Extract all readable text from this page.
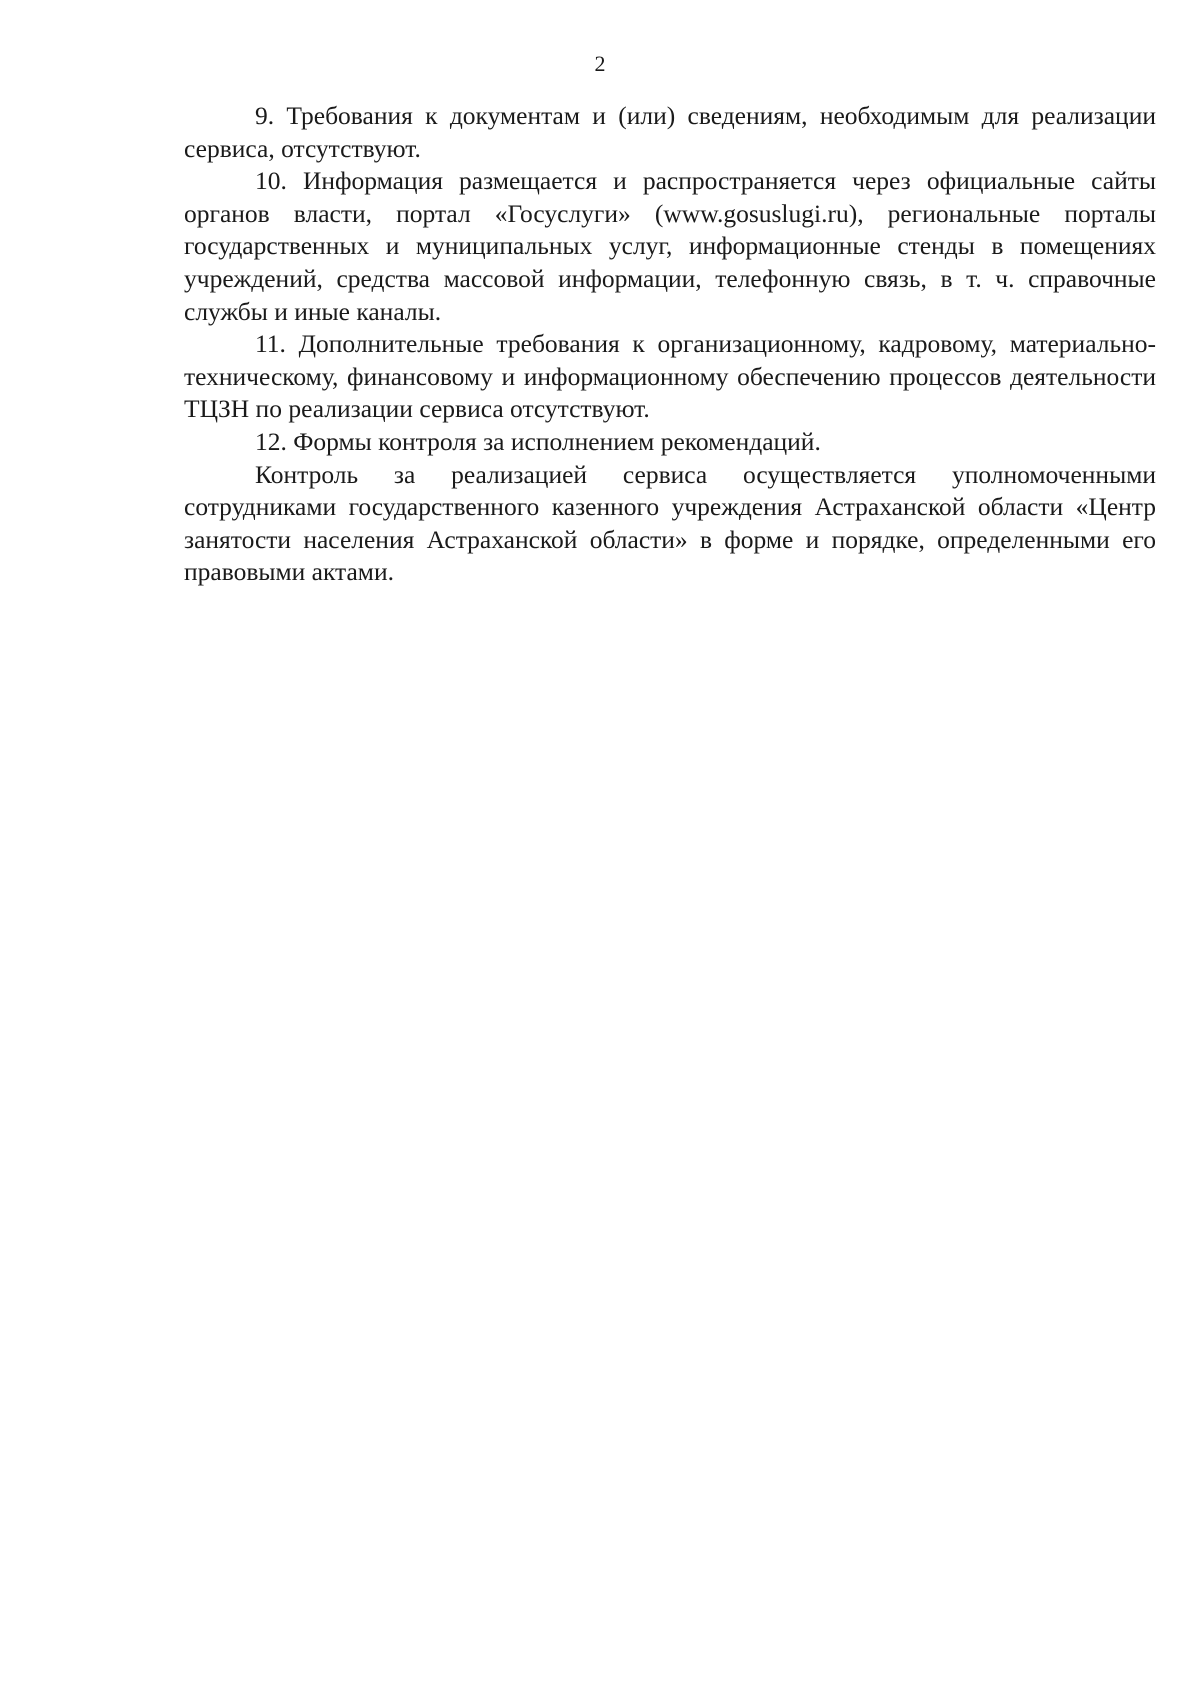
2

9. Требования к документам и (или) сведениям, необходимым для реализации сервиса, отсутствуют.

10. Информация размещается и распространяется через официальные сайты органов власти, портал «Госуслуги» (www.gosuslugi.ru), региональные порталы государственных и муниципальных услуг, информационные стенды в помещениях учреждений, средства массовой информации, телефонную связь, в т. ч. справочные службы и иные каналы.

11. Дополнительные требования к организационному, кадровому, материально-техническому, финансовому и информационному обеспечению процессов деятельности ТЦЗН по реализации сервиса отсутствуют.

12. Формы контроля за исполнением рекомендаций.

Контроль за реализацией сервиса осуществляется уполномоченными сотрудниками государственного казенного учреждения Астраханской области «Центр занятости населения Астраханской области» в форме и порядке, определенными его правовыми актами.
